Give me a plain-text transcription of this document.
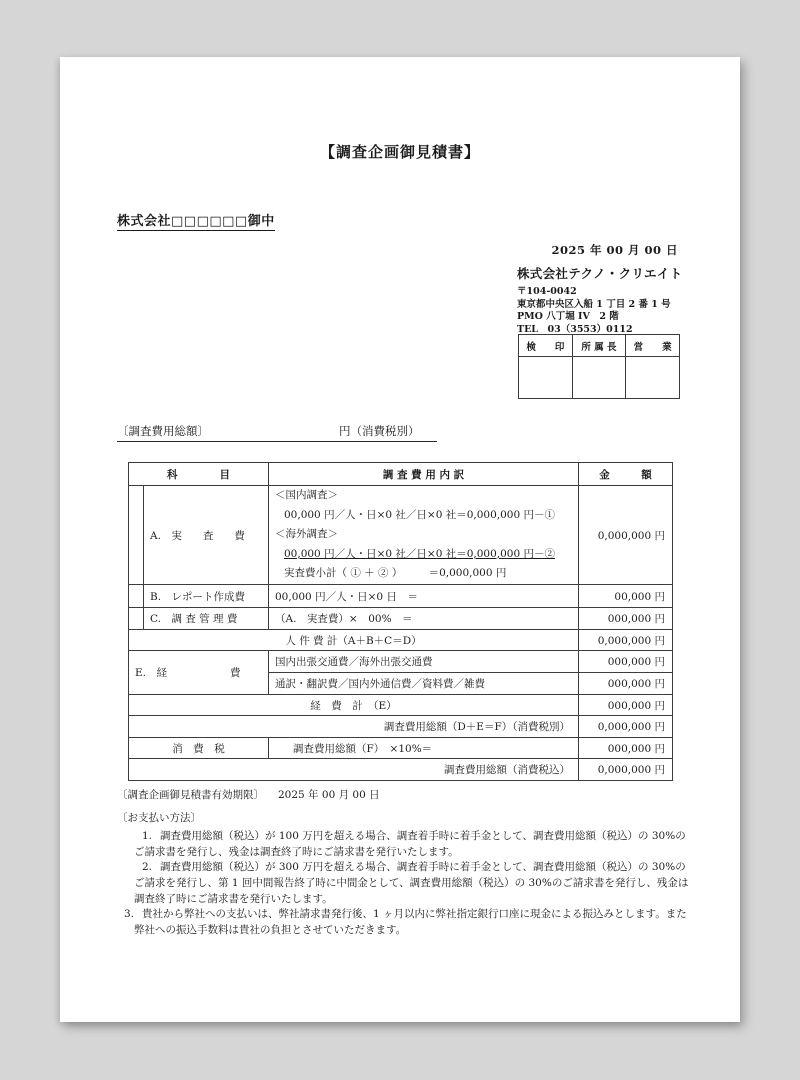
【調査企画御見積書】
株式会社□□□□□□御中
2025 年 00 月 00 日
株式会社テクノ・クリエイト
〒104-0042
東京都中央区入船 1 丁目 2 番 1 号
PMO 八丁堀 IV　2 階
TEL　03（3553）0112
検　　印	所 属 長	営　　業

〔調査費用総額〕	円（消費税別）
科　　　　目		調 査 費 用 内 訳	金　　　額
	A.　実　　査　　費	＜国内調査＞
00,000 円／人・日×0 社／日×0 社＝0,000,000 円－①
＜海外調査＞
00,000 円／人・日×0 社／日×0 社＝0,000,000 円－②
実査費小計（ ① ＋ ② ）　　　＝0,000,000 円	0,000,000 円
	B.　レポート作成費	00,000 円／人・日×0 日　＝	00,000 円
	C.　調 査 管 理 費	（A.　実査費）×　00%　＝	000,000 円
人 件 費 計（A＋B＋C＝D）			0,000,000 円
E.　経　　　　　　費		国内出張交通費／海外出張交通費	000,000 円
		通訳・翻訳費／国内外通信費／資料費／雑費	000,000 円
経　費　計　（E）			000,000 円
調査費用総額（D＋E＝F）（消費税別）			0,000,000 円
消　費　税		調査費用総額（F）　×10%＝	000,000 円
調査費用総額（消費税込）			0,000,000 円
〔調査企画御見積書有効期限〕 2025 年 00 月 00 日
〔お支払い方法〕
1. 調査費用総額（税込）が 100 万円を超える場合、調査着手時に着手金として、調査費用総額（税込）の 30%のご請求書を発行し、残金は調査終了時にご請求書を発行いたします。
2. 調査費用総額（税込）が 300 万円を超える場合、調査着手時に着手金として、調査費用総額（税込）の 30%のご請求を発行し、第 1 回中間報告終了時に中間金として、調査費用総額（税込）の 30%のご請求書を発行し、残金は調査終了時にご請求書を発行いたします。
3. 貴社から弊社への支払いは、弊社請求書発行後、1 ヶ月以内に弊社指定銀行口座に現金による振込みとします。また弊社への振込手数料は貴社の負担とさせていただきます。
